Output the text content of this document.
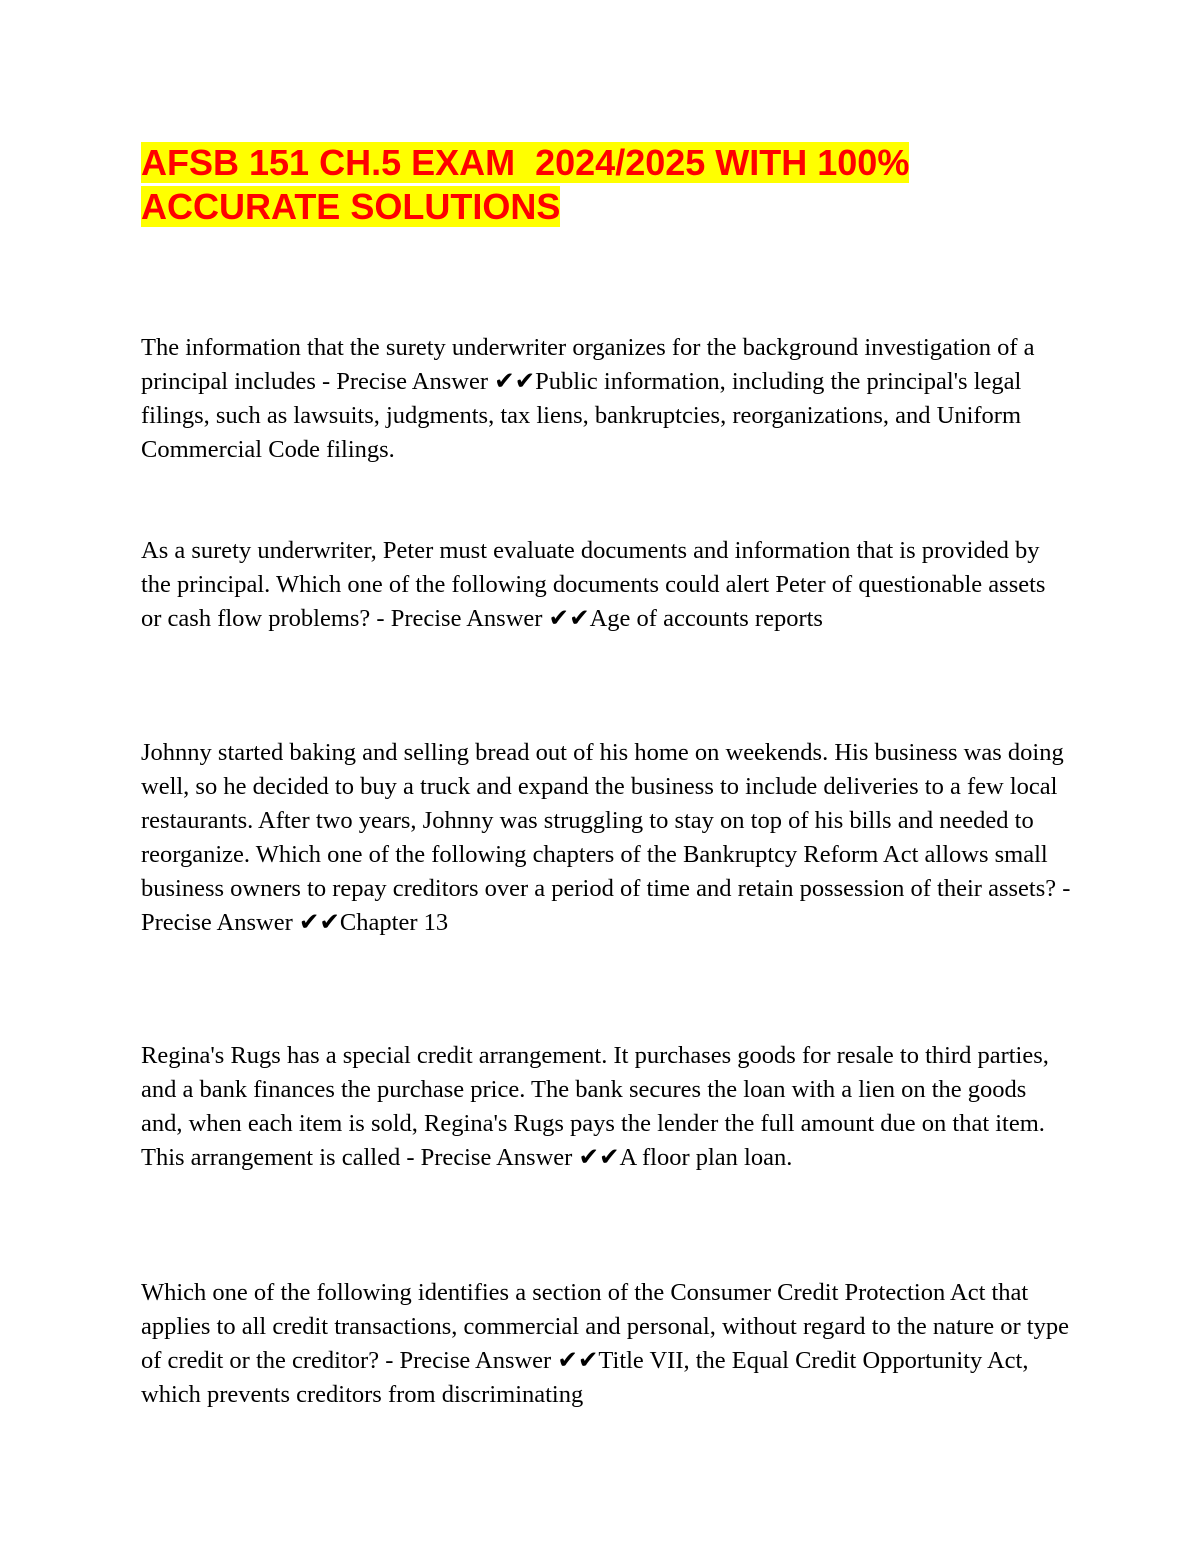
AFSB 151 CH.5 EXAM  2024/2025 WITH 100%
ACCURATE SOLUTIONS

The information that the surety underwriter organizes for the background investigation of a principal includes - Precise Answer ✔✔Public information, including the principal's legal filings, such as lawsuits, judgments, tax liens, bankruptcies, reorganizations, and Uniform Commercial Code filings.

As a surety underwriter, Peter must evaluate documents and information that is provided by the principal. Which one of the following documents could alert Peter of questionable assets or cash flow problems? - Precise Answer ✔✔Age of accounts reports

Johnny started baking and selling bread out of his home on weekends. His business was doing well, so he decided to buy a truck and expand the business to include deliveries to a few local restaurants. After two years, Johnny was struggling to stay on top of his bills and needed to reorganize. Which one of the following chapters of the Bankruptcy Reform Act allows small business owners to repay creditors over a period of time and retain possession of their assets? - Precise Answer ✔✔Chapter 13

Regina's Rugs has a special credit arrangement. It purchases goods for resale to third parties, and a bank finances the purchase price. The bank secures the loan with a lien on the goods and, when each item is sold, Regina's Rugs pays the lender the full amount due on that item. This arrangement is called - Precise Answer ✔✔A floor plan loan.

Which one of the following identifies a section of the Consumer Credit Protection Act that applies to all credit transactions, commercial and personal, without regard to the nature or type of credit or the creditor? - Precise Answer ✔✔Title VII, the Equal Credit Opportunity Act, which prevents creditors from discriminating
